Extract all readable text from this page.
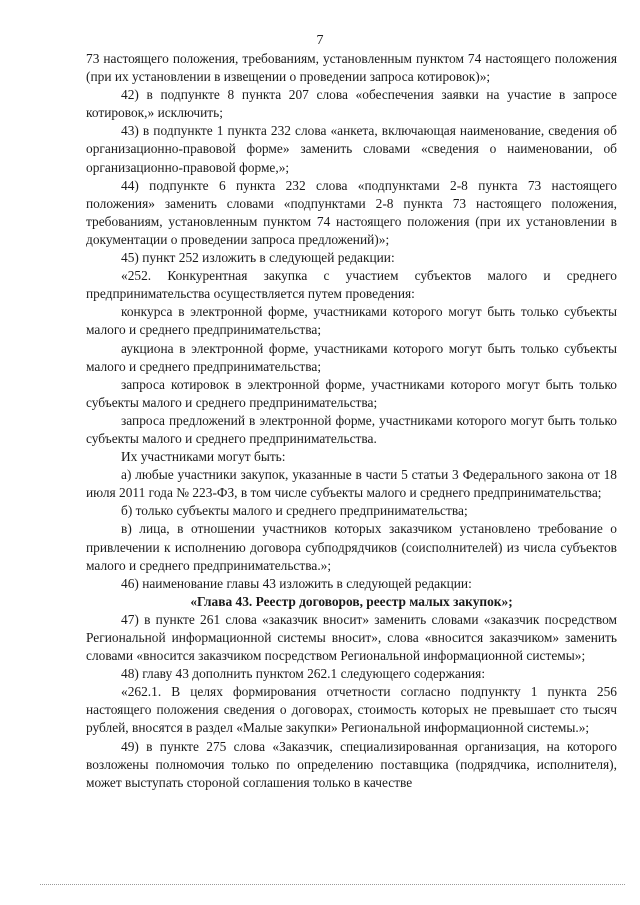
7

73 настоящего положения, требованиям, установленным пунктом 74 настоящего положения (при их установлении в извещении о проведении запроса котировок)»;

42) в подпункте 8 пункта 207 слова «обеспечения заявки на участие в запросе котировок,» исключить;

43) в подпункте 1 пункта 232 слова «анкета, включающая наименование, сведения об организационно-правовой форме» заменить словами «сведения о наименовании, об организационно-правовой форме,»;

44) подпункте 6 пункта 232 слова «подпунктами 2-8 пункта 73 настоящего положения» заменить словами «подпунктами 2-8 пункта 73 настоящего положения, требованиям, установленным пунктом 74 настоящего положения (при их установлении в документации о проведении запроса предложений)»;

45) пункт 252 изложить в следующей редакции:

«252. Конкурентная закупка с участием субъектов малого и среднего предпринимательства осуществляется путем проведения:

конкурса в электронной форме, участниками которого могут быть только субъекты малого и среднего предпринимательства;

аукциона в электронной форме, участниками которого могут быть только субъекты малого и среднего предпринимательства;

запроса котировок в электронной форме, участниками которого могут быть только субъекты малого и среднего предпринимательства;

запроса предложений в электронной форме, участниками которого могут быть только субъекты малого и среднего предпринимательства.

Их участниками могут быть:

а) любые участники закупок, указанные в части 5 статьи 3 Федерального закона от 18 июля 2011 года № 223-ФЗ, в том числе субъекты малого и среднего предпринимательства;

б) только субъекты малого и среднего предпринимательства;

в) лица, в отношении участников которых заказчиком установлено требование о привлечении к исполнению договора субподрядчиков (соисполнителей) из числа субъектов малого и среднего предпринимательства.»;

46) наименование главы 43 изложить в следующей редакции:

«Глава 43. Реестр договоров, реестр малых закупок»;

47) в пункте 261 слова «заказчик вносит» заменить словами «заказчик посредством Региональной информационной системы вносит», слова «вносится заказчиком» заменить словами «вносится заказчиком посредством Региональной информационной системы»;

48) главу 43 дополнить пунктом 262.1 следующего содержания:

«262.1. В целях формирования отчетности согласно подпункту 1 пункта 256 настоящего положения сведения о договорах, стоимость которых не превышает сто тысяч рублей, вносятся в раздел «Малые закупки» Региональной информационной системы.»;

49) в пункте 275 слова «Заказчик, специализированная организация, на которого возложены полномочия только по определению поставщика (подрядчика, исполнителя), может выступать стороной соглашения только в качестве
